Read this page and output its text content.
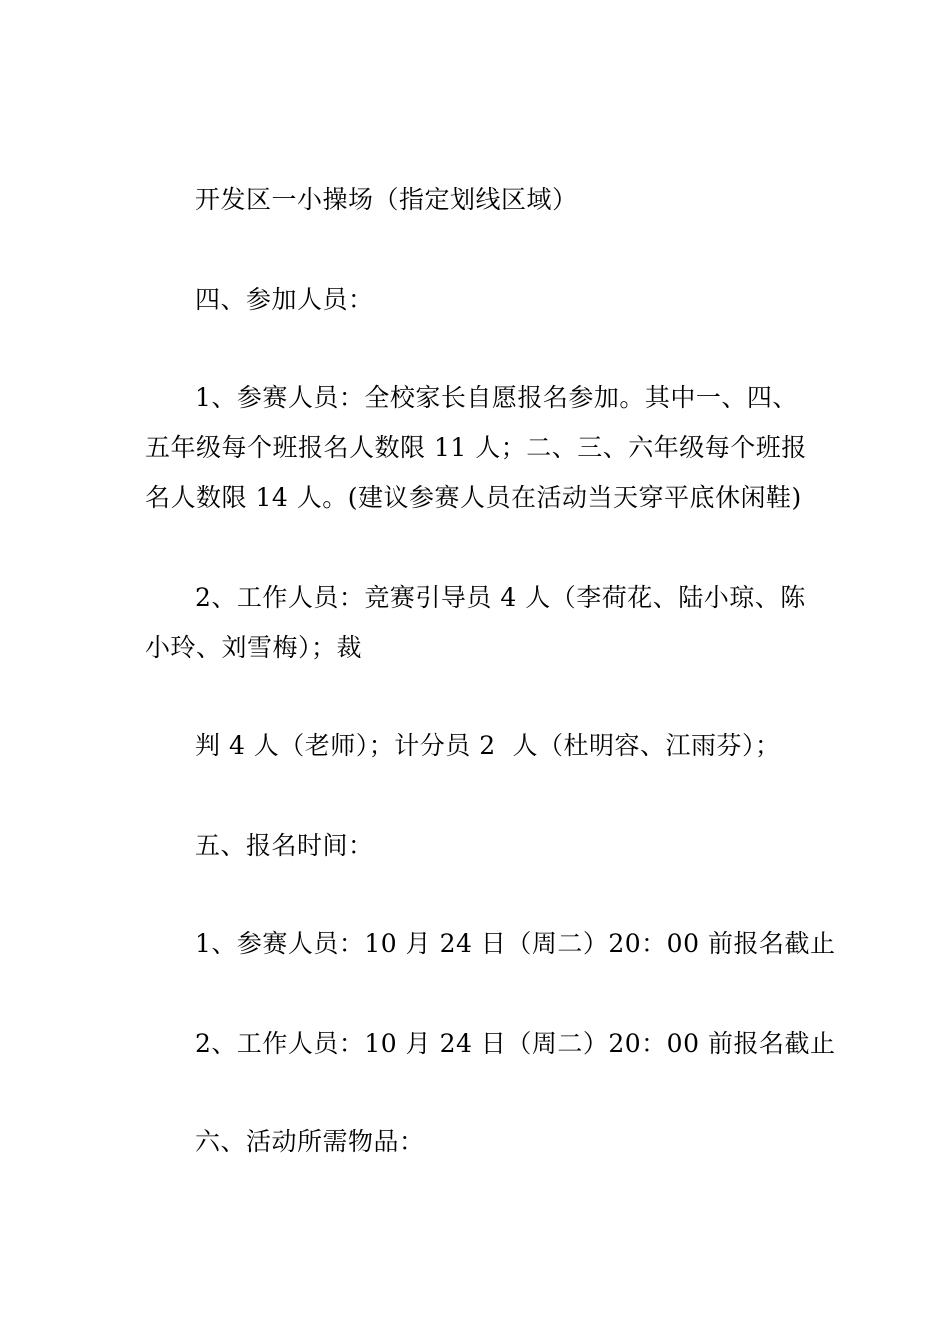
开发区一小操场（指定划线区域）
四、参加人员：
1、参赛人员：全校家长自愿报名参加。其中一、四、
五年级每个班报名人数限 11 人；二、三、六年级每个班报
名人数限 14 人。(建议参赛人员在活动当天穿平底休闲鞋)
2、工作人员：竞赛引导员 4 人（李荷花、陆小琼、陈
小玲、刘雪梅）；裁
判 4 人（老师）；计分员 2  人（杜明容、江雨芬）；
五、报名时间：
1、参赛人员：10 月 24 日（周二）20：00 前报名截止
2、工作人员：10 月 24 日（周二）20：00 前报名截止
六、活动所需物品：
